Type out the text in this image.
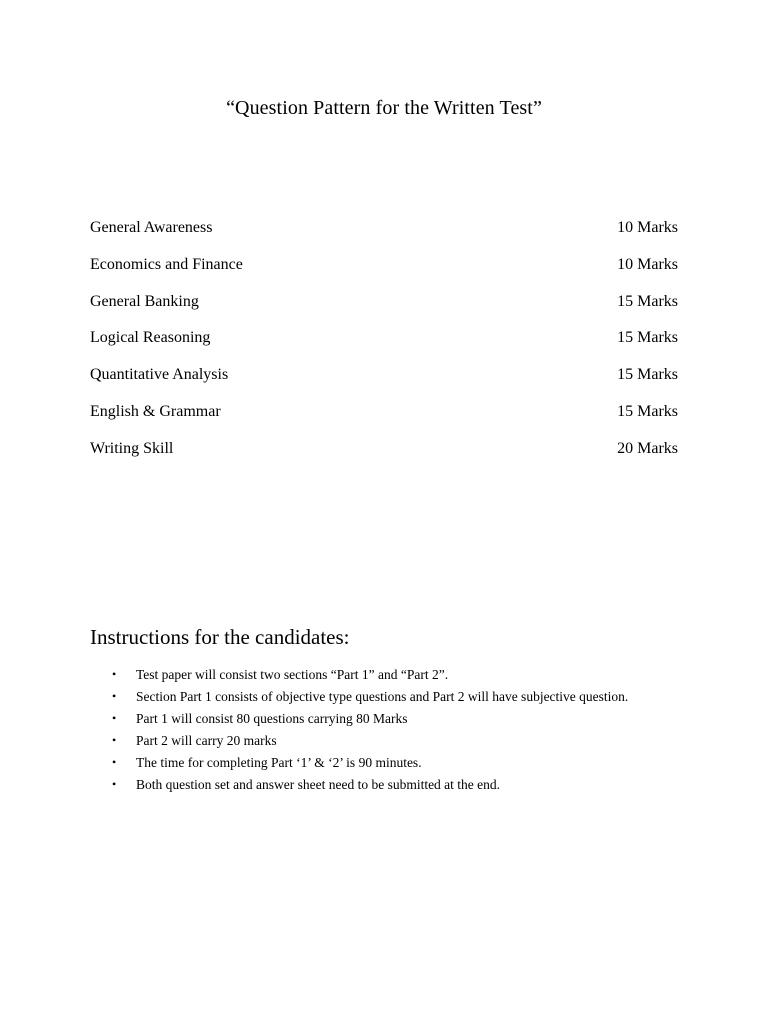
“Question Pattern for the Written Test”
General Awareness	10 Marks
Economics and Finance	10 Marks
General Banking	15 Marks
Logical Reasoning	15 Marks
Quantitative Analysis	15 Marks
English & Grammar	15 Marks
Writing Skill	20 Marks
Instructions for the candidates:
• Test paper will consist two sections “Part 1” and “Part 2”.
• Section Part 1 consists of objective type questions and Part 2 will have subjective question.
• Part 1 will consist 80 questions carrying 80 Marks
• Part 2 will carry 20 marks
• The time for completing Part ‘1’ & ‘2’ is 90 minutes.
• Both question set and answer sheet need to be submitted at the end.
